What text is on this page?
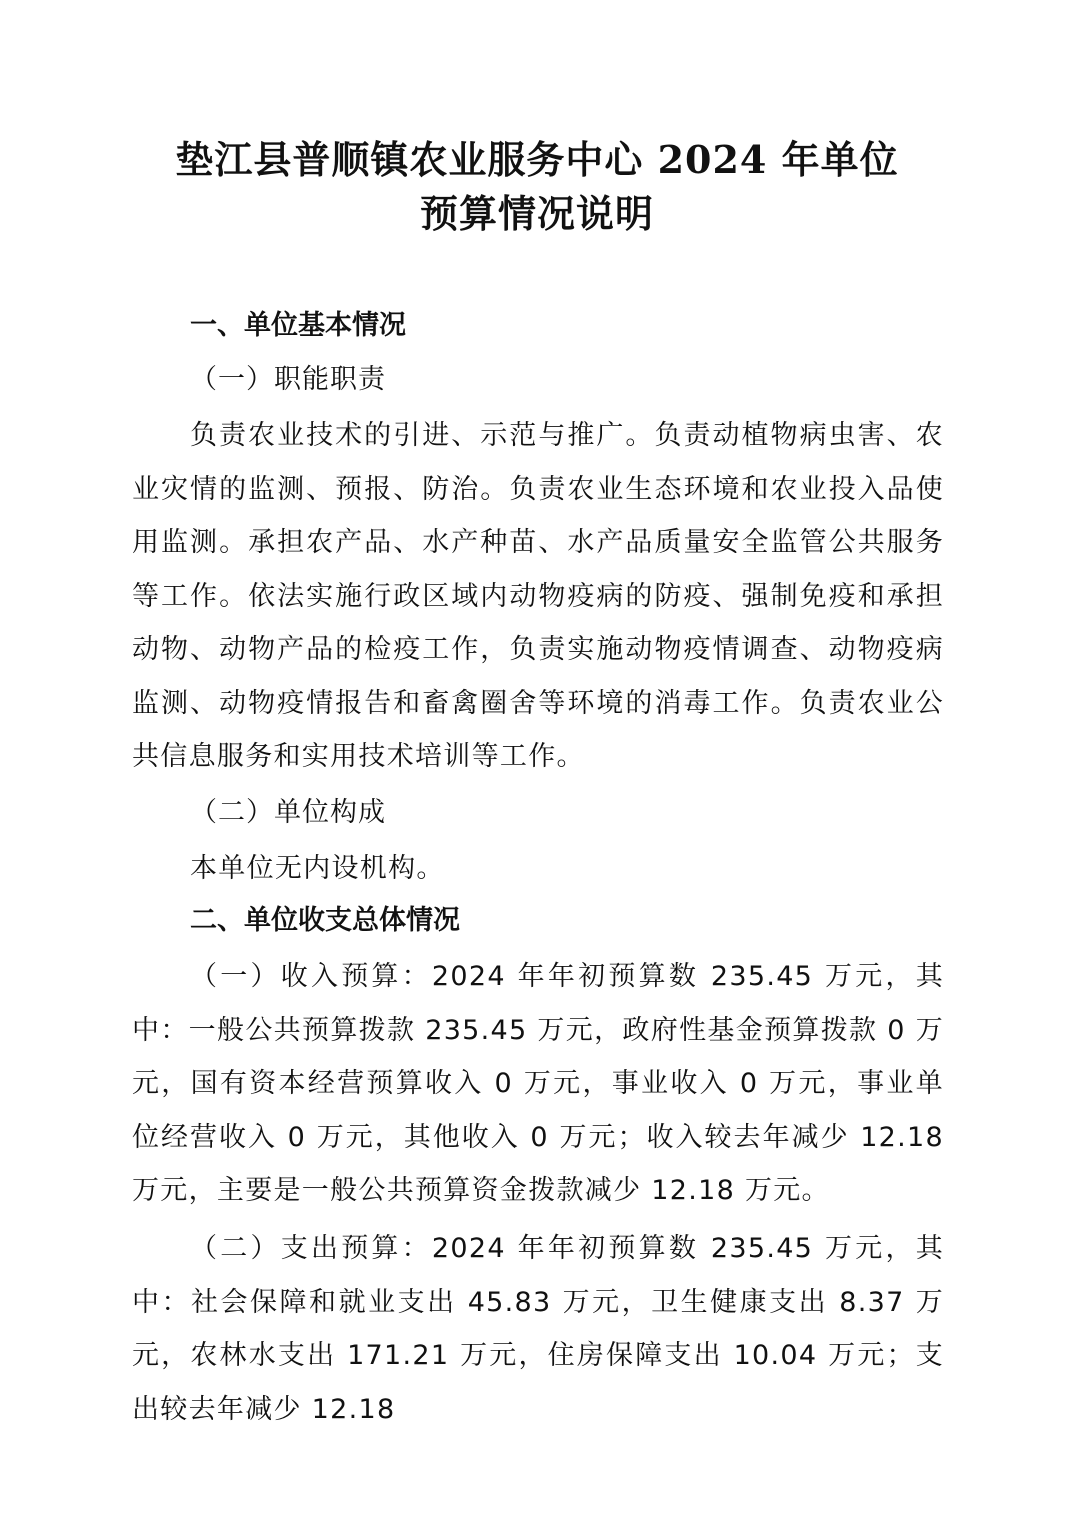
垫江县普顺镇农业服务中心 2024 年单位
预算情况说明
一、单位基本情况
（一）职能职责

负责农业技术的引进、示范与推广。负责动植物病虫害、农业灾情的监测、预报、防治。负责农业生态环境和农业投入品使用监测。承担农产品、水产种苗、水产品质量安全监管公共服务等工作。依法实施行政区域内动物疫病的防疫、强制免疫和承担动物、动物产品的检疫工作，负责实施动物疫情调查、动物疫病监测、动物疫情报告和畜禽圈舍等环境的消毒工作。负责农业公共信息服务和实用技术培训等工作。

（二）单位构成

本单位无内设机构。

二、单位收支总体情况

（一）收入预算：2024 年年初预算数 235.45 万元，其中：一般公共预算拨款 235.45 万元，政府性基金预算拨款 0 万元，国有资本经营预算收入 0 万元，事业收入 0 万元，事业单位经营收入 0 万元，其他收入 0 万元；收入较去年减少 12.18 万元，主要是一般公共预算资金拨款减少 12.18 万元。

（二）支出预算：2024 年年初预算数 235.45 万元，其中：社会保障和就业支出 45.83 万元，卫生健康支出 8.37 万元，农林水支出 171.21 万元，住房保障支出 10.04 万元；支出较去年减少 12.18
